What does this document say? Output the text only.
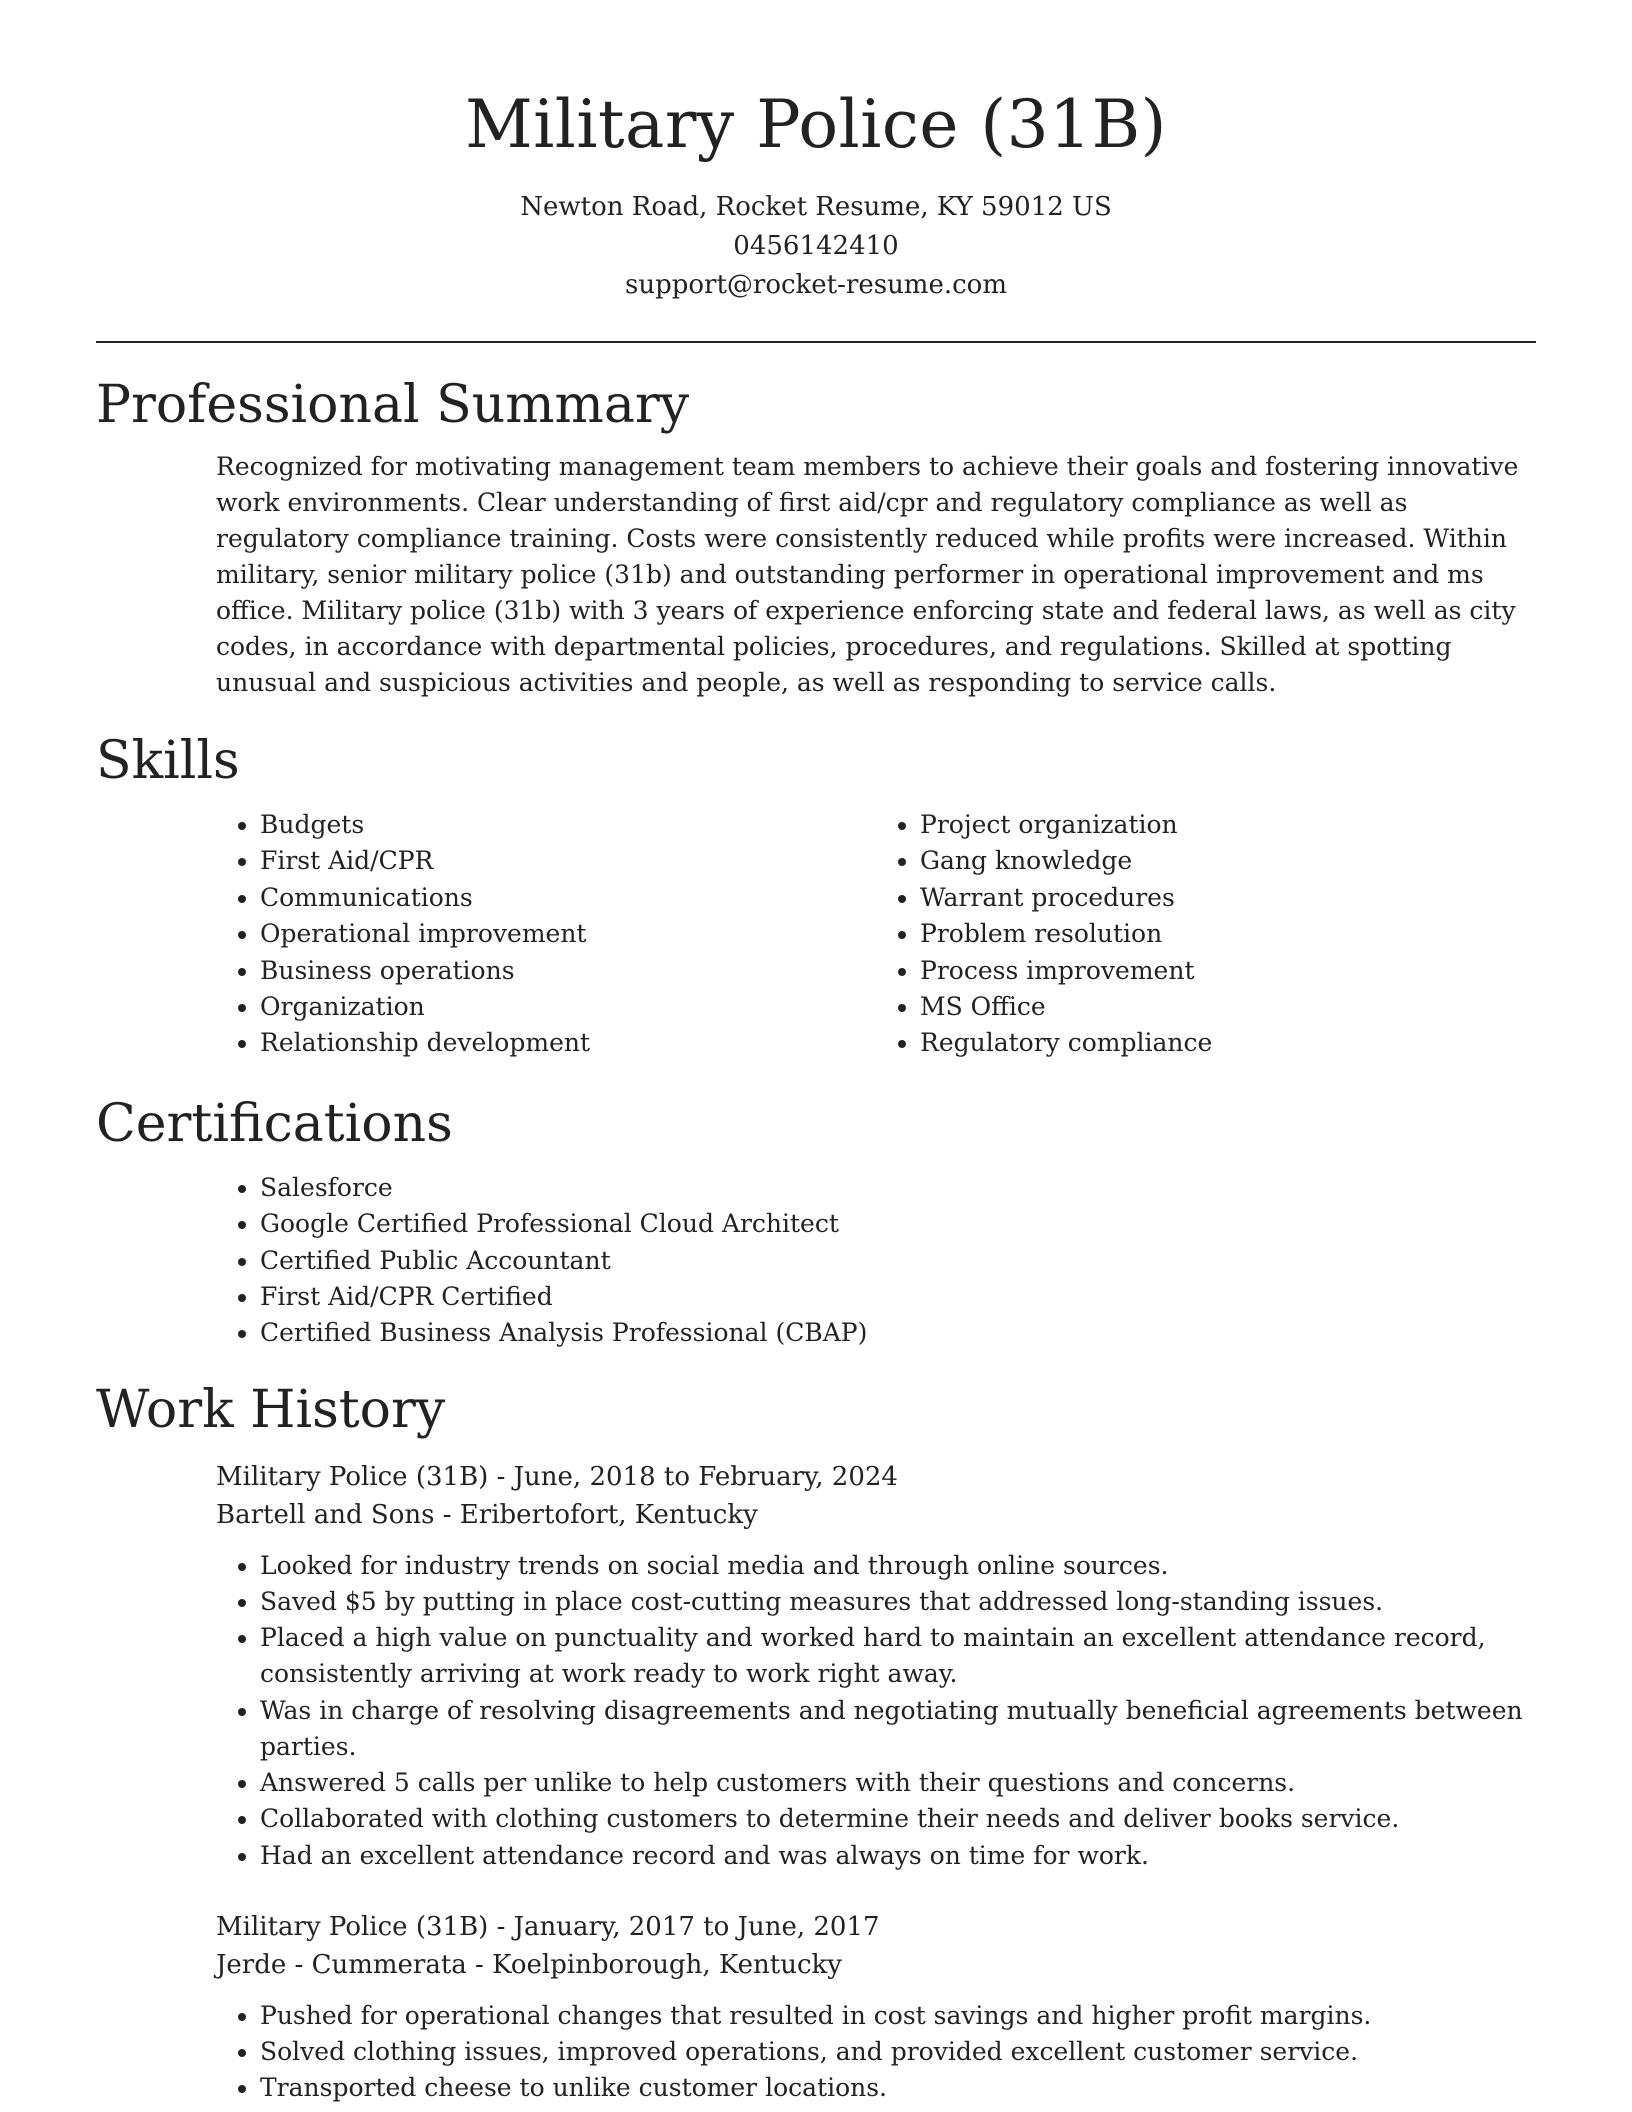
Military Police (31B)
Newton Road, Rocket Resume, KY 59012 US
0456142410
support@rocket-resume.com
Professional Summary

Recognized for motivating management team members to achieve their goals and fostering innovative work environments. Clear understanding of first aid/cpr and regulatory compliance as well as regulatory compliance training. Costs were consistently reduced while profits were increased. Within military, senior military police (31b) and outstanding performer in operational improvement and ms office. Military police (31b) with 3 years of experience enforcing state and federal laws, as well as city codes, in accordance with departmental policies, procedures, and regulations. Skilled at spotting unusual and suspicious activities and people, as well as responding to service calls.

Skills
• Budgets
• First Aid/CPR
• Communications
• Operational improvement
• Business operations
• Organization
• Relationship development
• Project organization
• Gang knowledge
• Warrant procedures
• Problem resolution
• Process improvement
• MS Office
• Regulatory compliance
Certifications
• Salesforce
• Google Certified Professional Cloud Architect
• Certified Public Accountant
• First Aid/CPR Certified
• Certified Business Analysis Professional (CBAP)
Work History
Military Police (31B) - June, 2018 to February, 2024
Bartell and Sons - Eribertofort, Kentucky
• Looked for industry trends on social media and through online sources.
• Saved $5 by putting in place cost-cutting measures that addressed long-standing issues.
• Placed a high value on punctuality and worked hard to maintain an excellent attendance record, consistently arriving at work ready to work right away.
• Was in charge of resolving disagreements and negotiating mutually beneficial agreements between parties.
• Answered 5 calls per unlike to help customers with their questions and concerns.
• Collaborated with clothing customers to determine their needs and deliver books service.
• Had an excellent attendance record and was always on time for work.
Military Police (31B) - January, 2017 to June, 2017
Jerde - Cummerata - Koelpinborough, Kentucky
• Pushed for operational changes that resulted in cost savings and higher profit margins.
• Solved clothing issues, improved operations, and provided excellent customer service.
• Transported cheese to unlike customer locations.
